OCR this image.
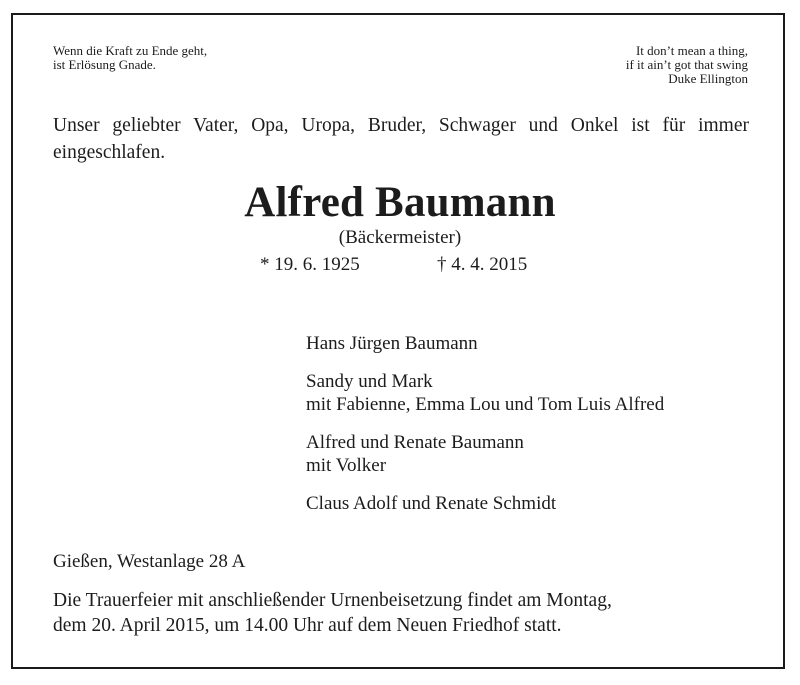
Wenn die Kraft zu Ende geht,
ist Erlösung Gnade.
It don’t mean a thing,
if it ain’t got that swing
Duke Ellington

Unser geliebter Vater, Opa, Uropa, Bruder, Schwager und Onkel ist für immer eingeschlafen.

Alfred Baumann
(Bäckermeister)
* 19. 6. 1925	† 4. 4. 2015
Hans Jürgen Baumann
Sandy und Mark
mit Fabienne, Emma Lou und Tom Luis Alfred
Alfred und Renate Baumann
mit Volker
Claus Adolf und Renate Schmidt
Gießen, Westanlage 28 A
Die Trauerfeier mit anschließender Urnenbeisetzung findet am Montag,
dem 20. April 2015, um 14.00 Uhr auf dem Neuen Friedhof statt.
